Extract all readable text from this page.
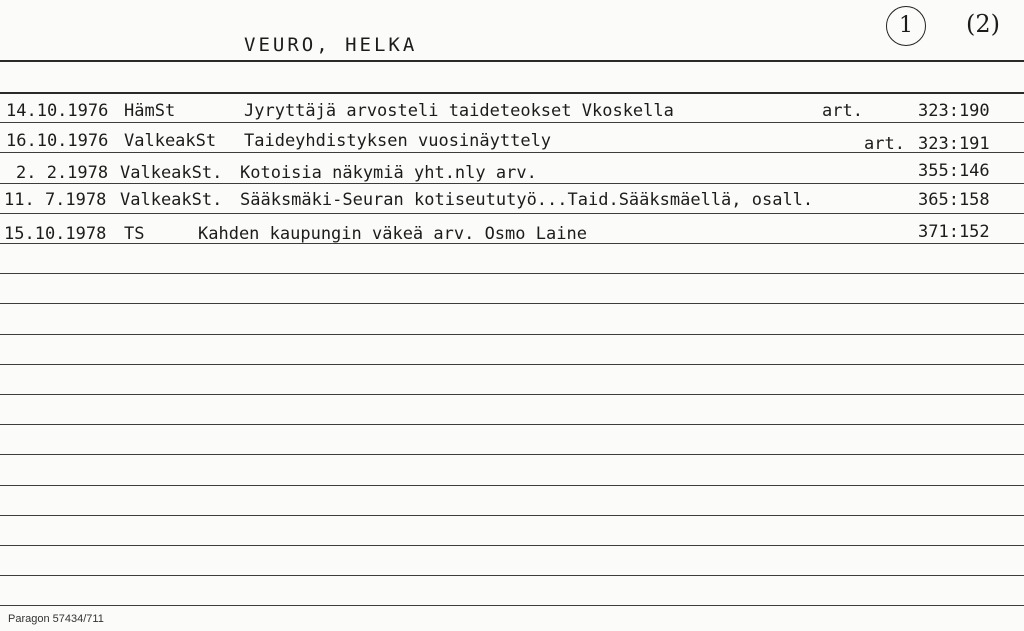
VEURO, HELKA
1	(2)
14.10.1976 HämSt	Jyryttäjä arvosteli taideteokset Vkoskella	art.	323:190
16.10.1976 ValkeakSt Taideyhdistyksen vuosinäyttely	art. 323:191
2. 2.1978 ValkeakSt. Kotoisia näkymiä yht.nly arv.	355:146
11. 7.1978 ValkeakSt. Sääksmäki-Seuran kotiseututyö...Taid.Sääksmäellä, osall.	365:158
15.10.1978 TS	Kahden kaupungin väkeä arv. Osmo Laine	371:152
Paragon 57434/711
